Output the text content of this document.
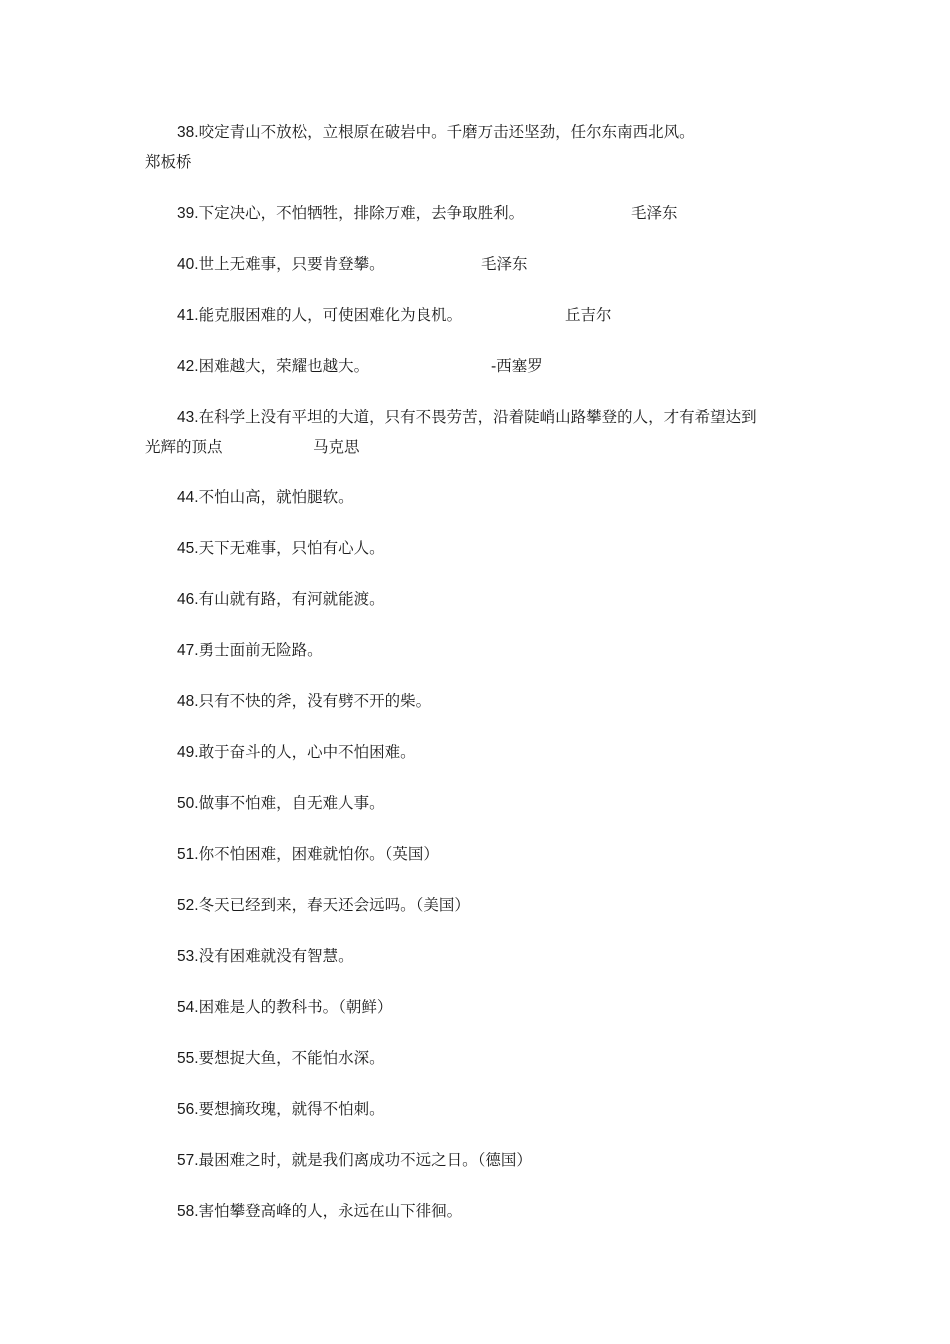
38.咬定青山不放松，立根原在破岩中。千磨万击还坚劲，任尔东南西北风。
郑板桥
39.下定决心，不怕牺牲，排除万难，去争取胜利。	毛泽东
40.世上无难事，只要肯登攀。	毛泽东
41.能克服困难的人，可使困难化为良机。	丘吉尔
42.困难越大，荣耀也越大。	-西塞罗
43.在科学上没有平坦的大道，只有不畏劳苦，沿着陡峭山路攀登的人，才有希望达到
光辉的顶点	马克思
44.不怕山高，就怕腿软。
45.天下无难事，只怕有心人。
46.有山就有路，有河就能渡。
47.勇士面前无险路。
48.只有不快的斧，没有劈不开的柴。
49.敢于奋斗的人，心中不怕困难。
50.做事不怕难，自无难人事。
51.你不怕困难，困难就怕你。（英国）
52.冬天已经到来，春天还会远吗。（美国）
53.没有困难就没有智慧。
54.困难是人的教科书。（朝鲜）
55.要想捉大鱼，不能怕水深。
56.要想摘玫瑰，就得不怕刺。
57.最困难之时，就是我们离成功不远之日。（德国）
58.害怕攀登高峰的人，永远在山下徘徊。
